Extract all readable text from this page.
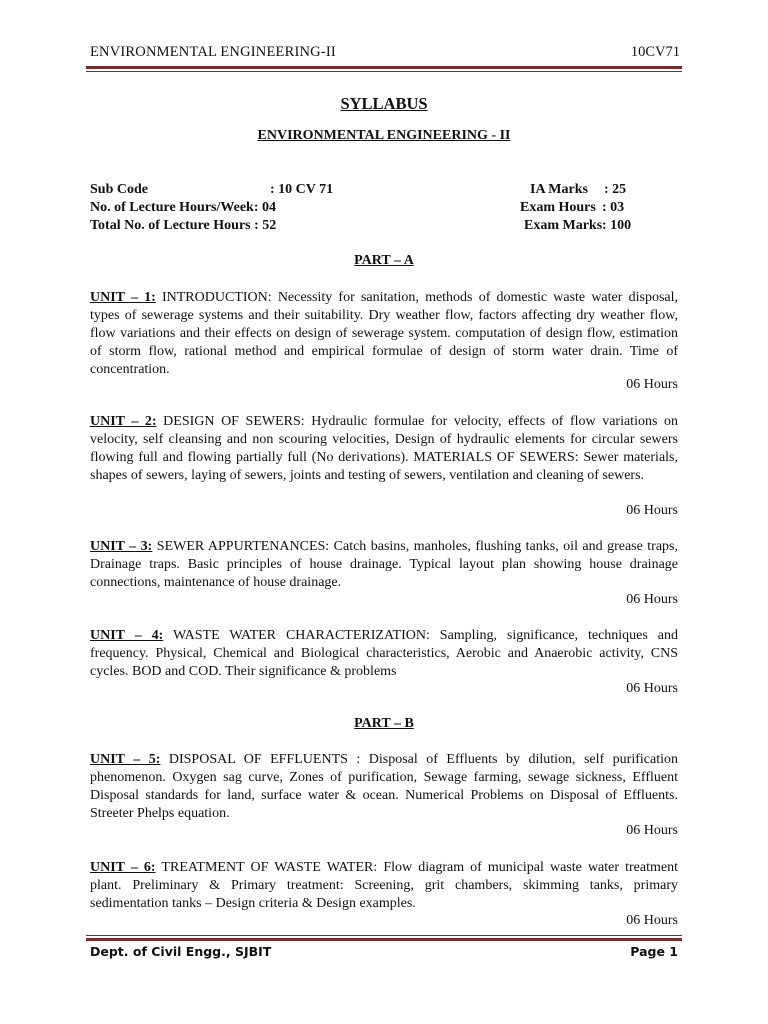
ENVIRONMENTAL ENGINEERING-II	10CV71
SYLLABUS
ENVIRONMENTAL ENGINEERING - II
Sub Code	: 10 CV 71
No. of Lecture Hours/Week: 04
Total No. of Lecture Hours : 52
IA Marks : 25
Exam Hours : 03
Exam Marks: 100
PART – A
UNIT – 1: INTRODUCTION: Necessity for sanitation, methods of domestic waste water disposal, types of sewerage systems and their suitability. Dry weather flow, factors affecting dry weather flow, flow variations and their effects on design of sewerage system. computation of design flow, estimation of storm flow, rational method and empirical formulae of design of storm water drain. Time of concentration.
06 Hours
UNIT – 2: DESIGN OF SEWERS: Hydraulic formulae for velocity, effects of flow variations on velocity, self cleansing and non scouring velocities, Design of hydraulic elements for circular sewers flowing full and flowing partially full (No derivations). MATERIALS OF SEWERS: Sewer materials, shapes of sewers, laying of sewers, joints and testing of sewers, ventilation and cleaning of sewers.
06 Hours
UNIT – 3: SEWER APPURTENANCES: Catch basins, manholes, flushing tanks, oil and grease traps, Drainage traps. Basic principles of house drainage. Typical layout plan showing house drainage connections, maintenance of house drainage.
06 Hours
UNIT – 4: WASTE WATER CHARACTERIZATION: Sampling, significance, techniques and frequency. Physical, Chemical and Biological characteristics, Aerobic and Anaerobic activity, CNS cycles. BOD and COD. Their significance & problems
06 Hours
PART – B
UNIT – 5: DISPOSAL OF EFFLUENTS : Disposal of Effluents by dilution, self purification phenomenon. Oxygen sag curve, Zones of purification, Sewage farming, sewage sickness, Effluent Disposal standards for land, surface water & ocean. Numerical Problems on Disposal of Effluents. Streeter Phelps equation.
06 Hours
UNIT – 6: TREATMENT OF WASTE WATER: Flow diagram of municipal waste water treatment plant. Preliminary & Primary treatment: Screening, grit chambers, skimming tanks, primary sedimentation tanks – Design criteria & Design examples.
06 Hours
Dept. of Civil Engg., SJBIT	Page 1
